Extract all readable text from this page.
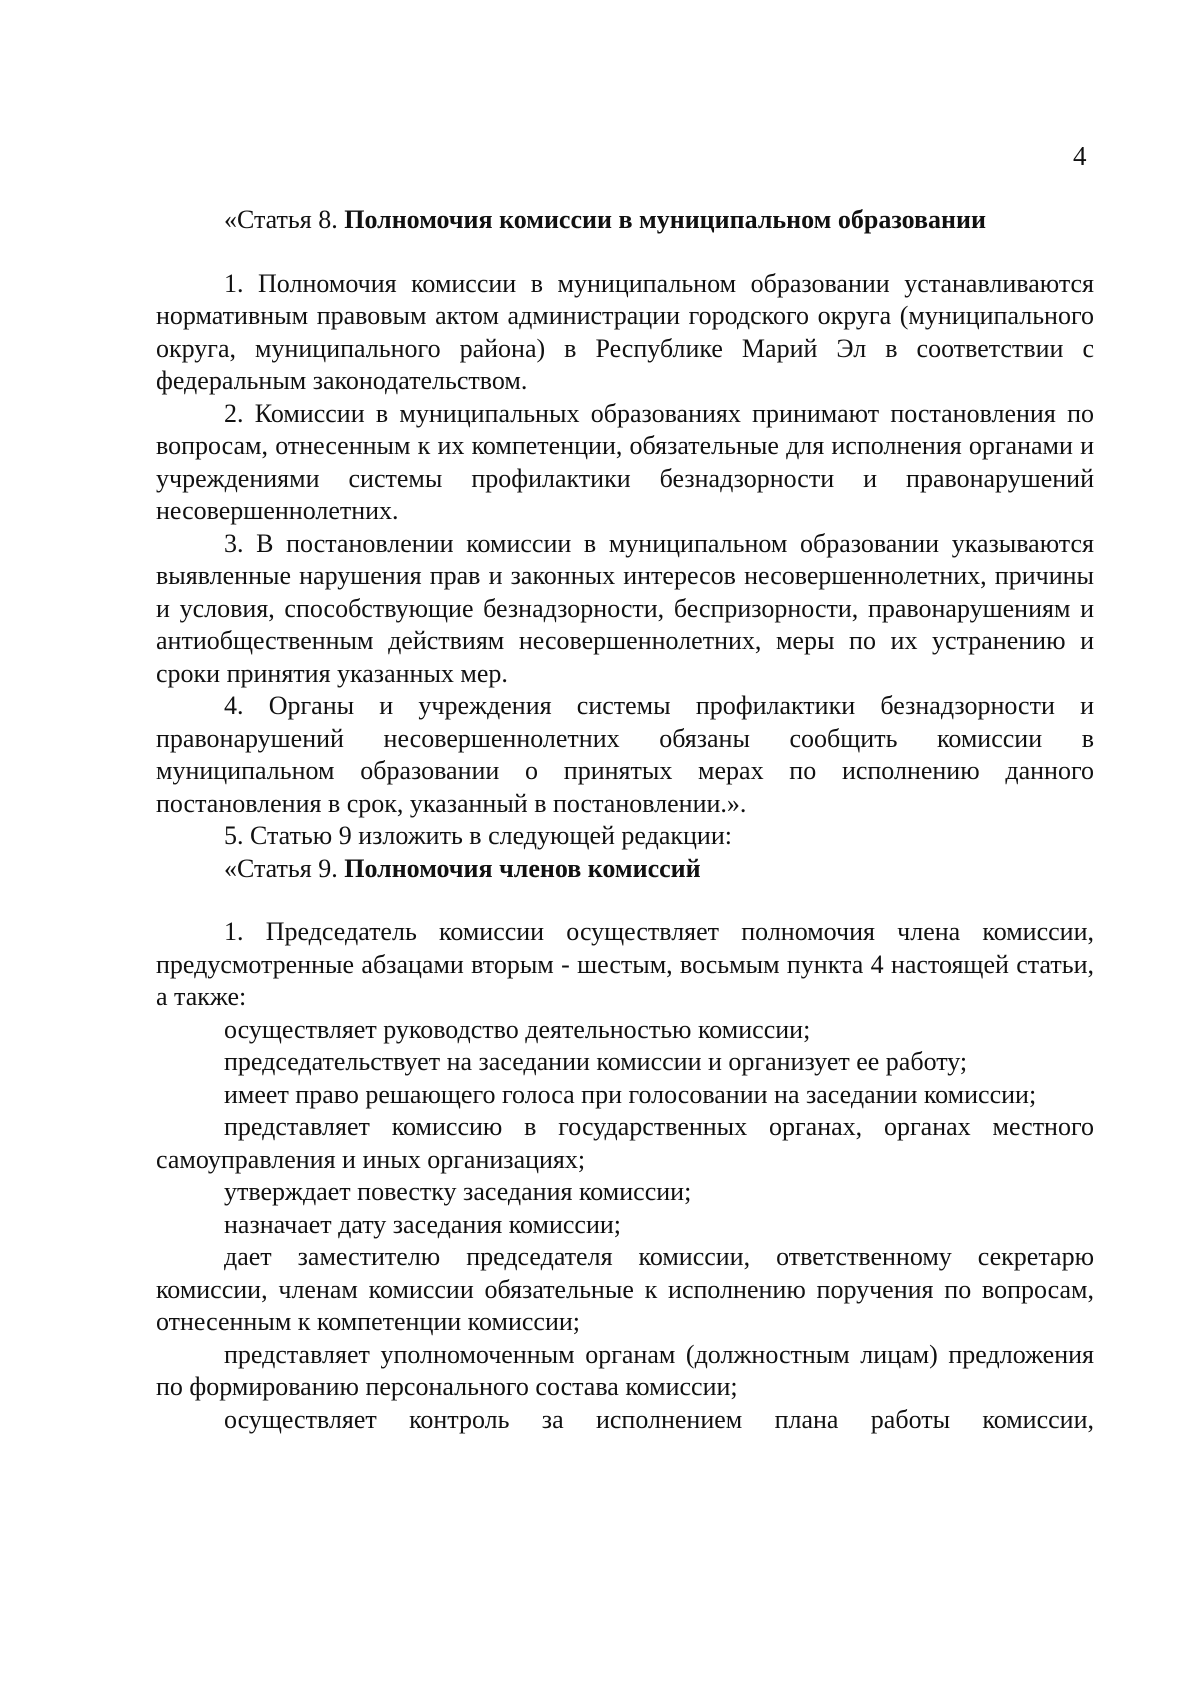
4

«Статья 8. Полномочия комиссии в муниципальном образовании

1. Полномочия комиссии в муниципальном образовании устанавливаются нормативным правовым актом администрации городского округа (муниципального округа, муниципального района) в Республике Марий Эл в соответствии с федеральным законодательством.

2. Комиссии в муниципальных образованиях принимают постановления по вопросам, отнесенным к их компетенции, обязательные для исполнения органами и учреждениями системы профилактики безнадзорности и правонарушений несовершеннолетних.

3. В постановлении комиссии в муниципальном образовании указываются выявленные нарушения прав и законных интересов несовершеннолетних, причины и условия, способствующие безнадзорности, беспризорности, правонарушениям и антиобщественным действиям несовершеннолетних, меры по их устранению и сроки принятия указанных мер.

4. Органы и учреждения системы профилактики безнадзорности и правонарушений несовершеннолетних обязаны сообщить комиссии в муниципальном образовании о принятых мерах по исполнению данного постановления в срок, указанный в постановлении.».

5. Статью 9 изложить в следующей редакции:

«Статья 9. Полномочия членов комиссий

1. Председатель комиссии осуществляет полномочия члена комиссии, предусмотренные абзацами вторым - шестым, восьмым пункта 4 настоящей статьи, а также:

осуществляет руководство деятельностью комиссии;

председательствует на заседании комиссии и организует ее работу;

имеет право решающего голоса при голосовании на заседании комиссии;

представляет комиссию в государственных органах, органах местного самоуправления и иных организациях;

утверждает повестку заседания комиссии;

назначает дату заседания комиссии;

дает заместителю председателя комиссии, ответственному секретарю комиссии, членам комиссии обязательные к исполнению поручения по вопросам, отнесенным к компетенции комиссии;

представляет уполномоченным органам (должностным лицам) предложения по формированию персонального состава комиссии;

осуществляет контроль за исполнением плана работы комиссии,
